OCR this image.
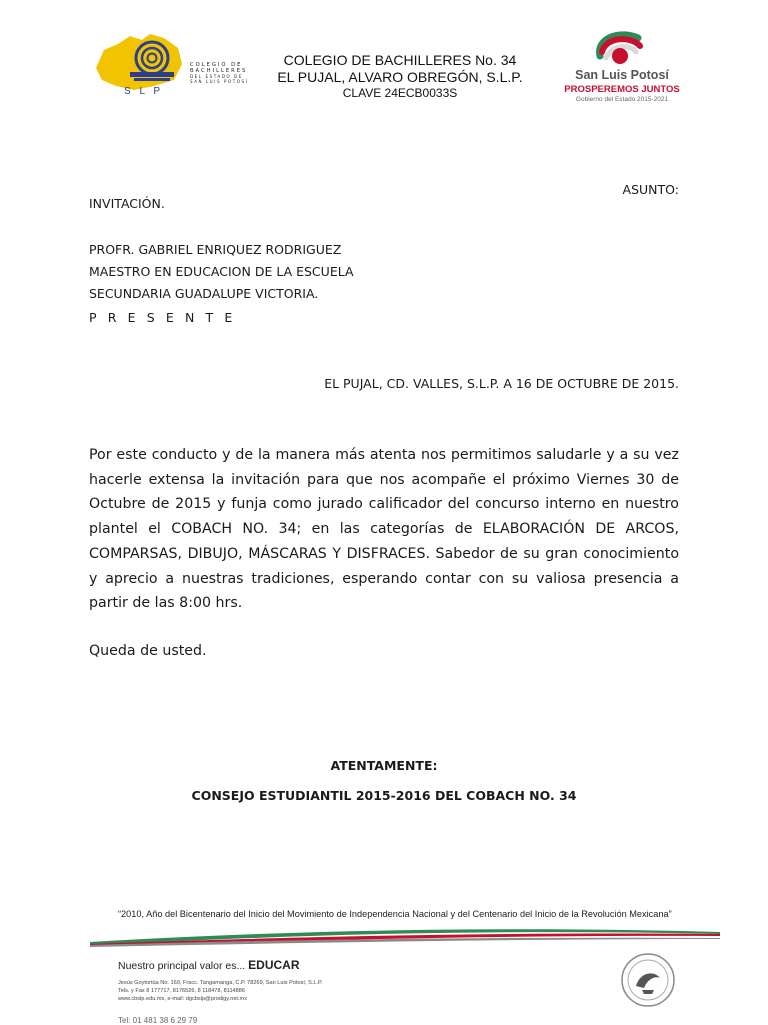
S L P
COLEGIO DE
BACHILLERES
DEL ESTADO DE
SAN LUIS POTOSÍ
COLEGIO DE BACHILLERES No. 34
EL PUJAL, ALVARO OBREGÓN, S.L.P.
CLAVE 24ECB0033S
San Luis Potosí
PROSPEREMOS JUNTOS
Gobierno del Estado 2015-2021
ASUNTO:
INVITACIÓN.
PROFR. GABRIEL ENRIQUEZ RODRIGUEZ
MAESTRO EN EDUCACION DE LA ESCUELA
SECUNDARIA GUADALUPE VICTORIA.
PRESENTE
EL PUJAL, CD. VALLES, S.L.P. A 16 DE OCTUBRE DE 2015.
Por este conducto y de la manera más atenta nos permitimos saludarle y a su vez hacerle extensa la invitación para que nos acompañe el próximo Viernes 30 de Octubre de 2015 y funja como jurado calificador del concurso interno en nuestro plantel el COBACH NO. 34; en las categorías de ELABORACIÓN DE ARCOS, COMPARSAS, DIBUJO, MÁSCARAS Y DISFRACES. Sabedor de su gran conocimiento y aprecio a nuestras tradiciones, esperando contar con su valiosa presencia a partir de las 8:00 hrs.
Queda de usted.
ATENTAMENTE:
CONSEJO ESTUDIANTIL 2015-2016 DEL COBACH NO. 34
“2010, Año del Bicentenario del Inicio del Movimiento de Independencia Nacional y del Centenario del Inicio de la Revolución Mexicana”
Nuestro principal valor es... EDUCAR
Jesús Goytortúa No. 160, Fracc. Tangamanga, C.P. 78269, San Luis Potosí, S.L.P.
Tels. y Fax 8 177717, 8176526, 8 118478, 8114886
www.cbslp.edu.mx, e-mail: dgcbslp@prodigy.net.mx
Tel: 01 481 38 6 29 79
